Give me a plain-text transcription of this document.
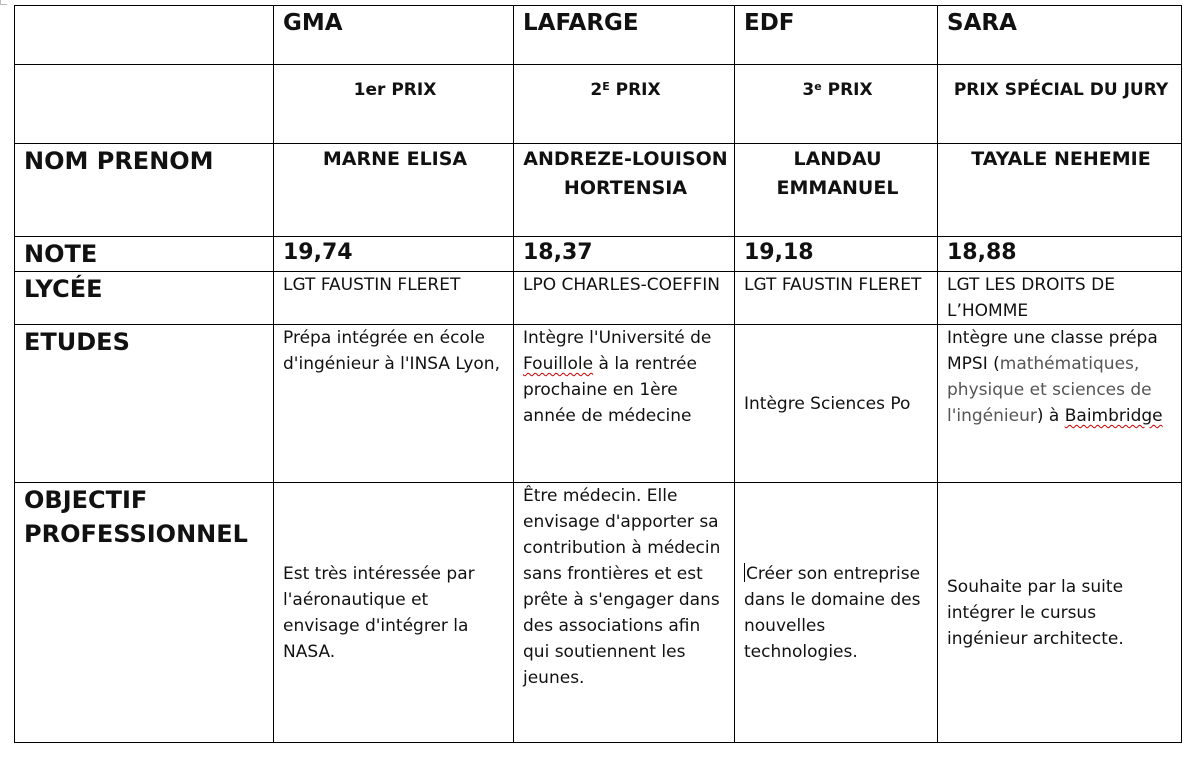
	GMA	LAFARGE	EDF	SARA
	1er PRIX	$2^E$ PRIX	3e PRIX	PRIX SPÉCIAL DU JURY
NOM PRENOM	MARNE ELISA	ANDREZE-LOUISON HORTENSIA	LANDAU EMMANUEL	TAYALE NEHEMIE
NOTE	19,74	18,37	19,18	18,88
LYCÉE	LGT FAUSTIN FLERET	LPO CHARLES-COEFFIN	LGT FAUSTIN FLERET	LGT LES DROITS DE L’HOMME
ETUDES	Prépa intégrée en école d'ingénieur à l'INSA Lyon,	Intègre l'Université de Fouillole à la rentrée prochaine en 1ère année de médecine	Intègre Sciences Po	Intègre une classe prépa MPSI (mathématiques, physique et sciences de l'ingénieur) à Baimbridge
OBJECTIF PROFESSIONNEL	Est très intéressée par l'aéronautique et envisage d'intégrer la NASA.	Être médecin. Elle envisage d'apporter sa contribution à médecin sans frontières et est prête à s'engager dans des associations afin qui soutiennent les jeunes.	Créer son entreprise dans le domaine des nouvelles technologies.	Souhaite par la suite intégrer le cursus ingénieur architecte.
